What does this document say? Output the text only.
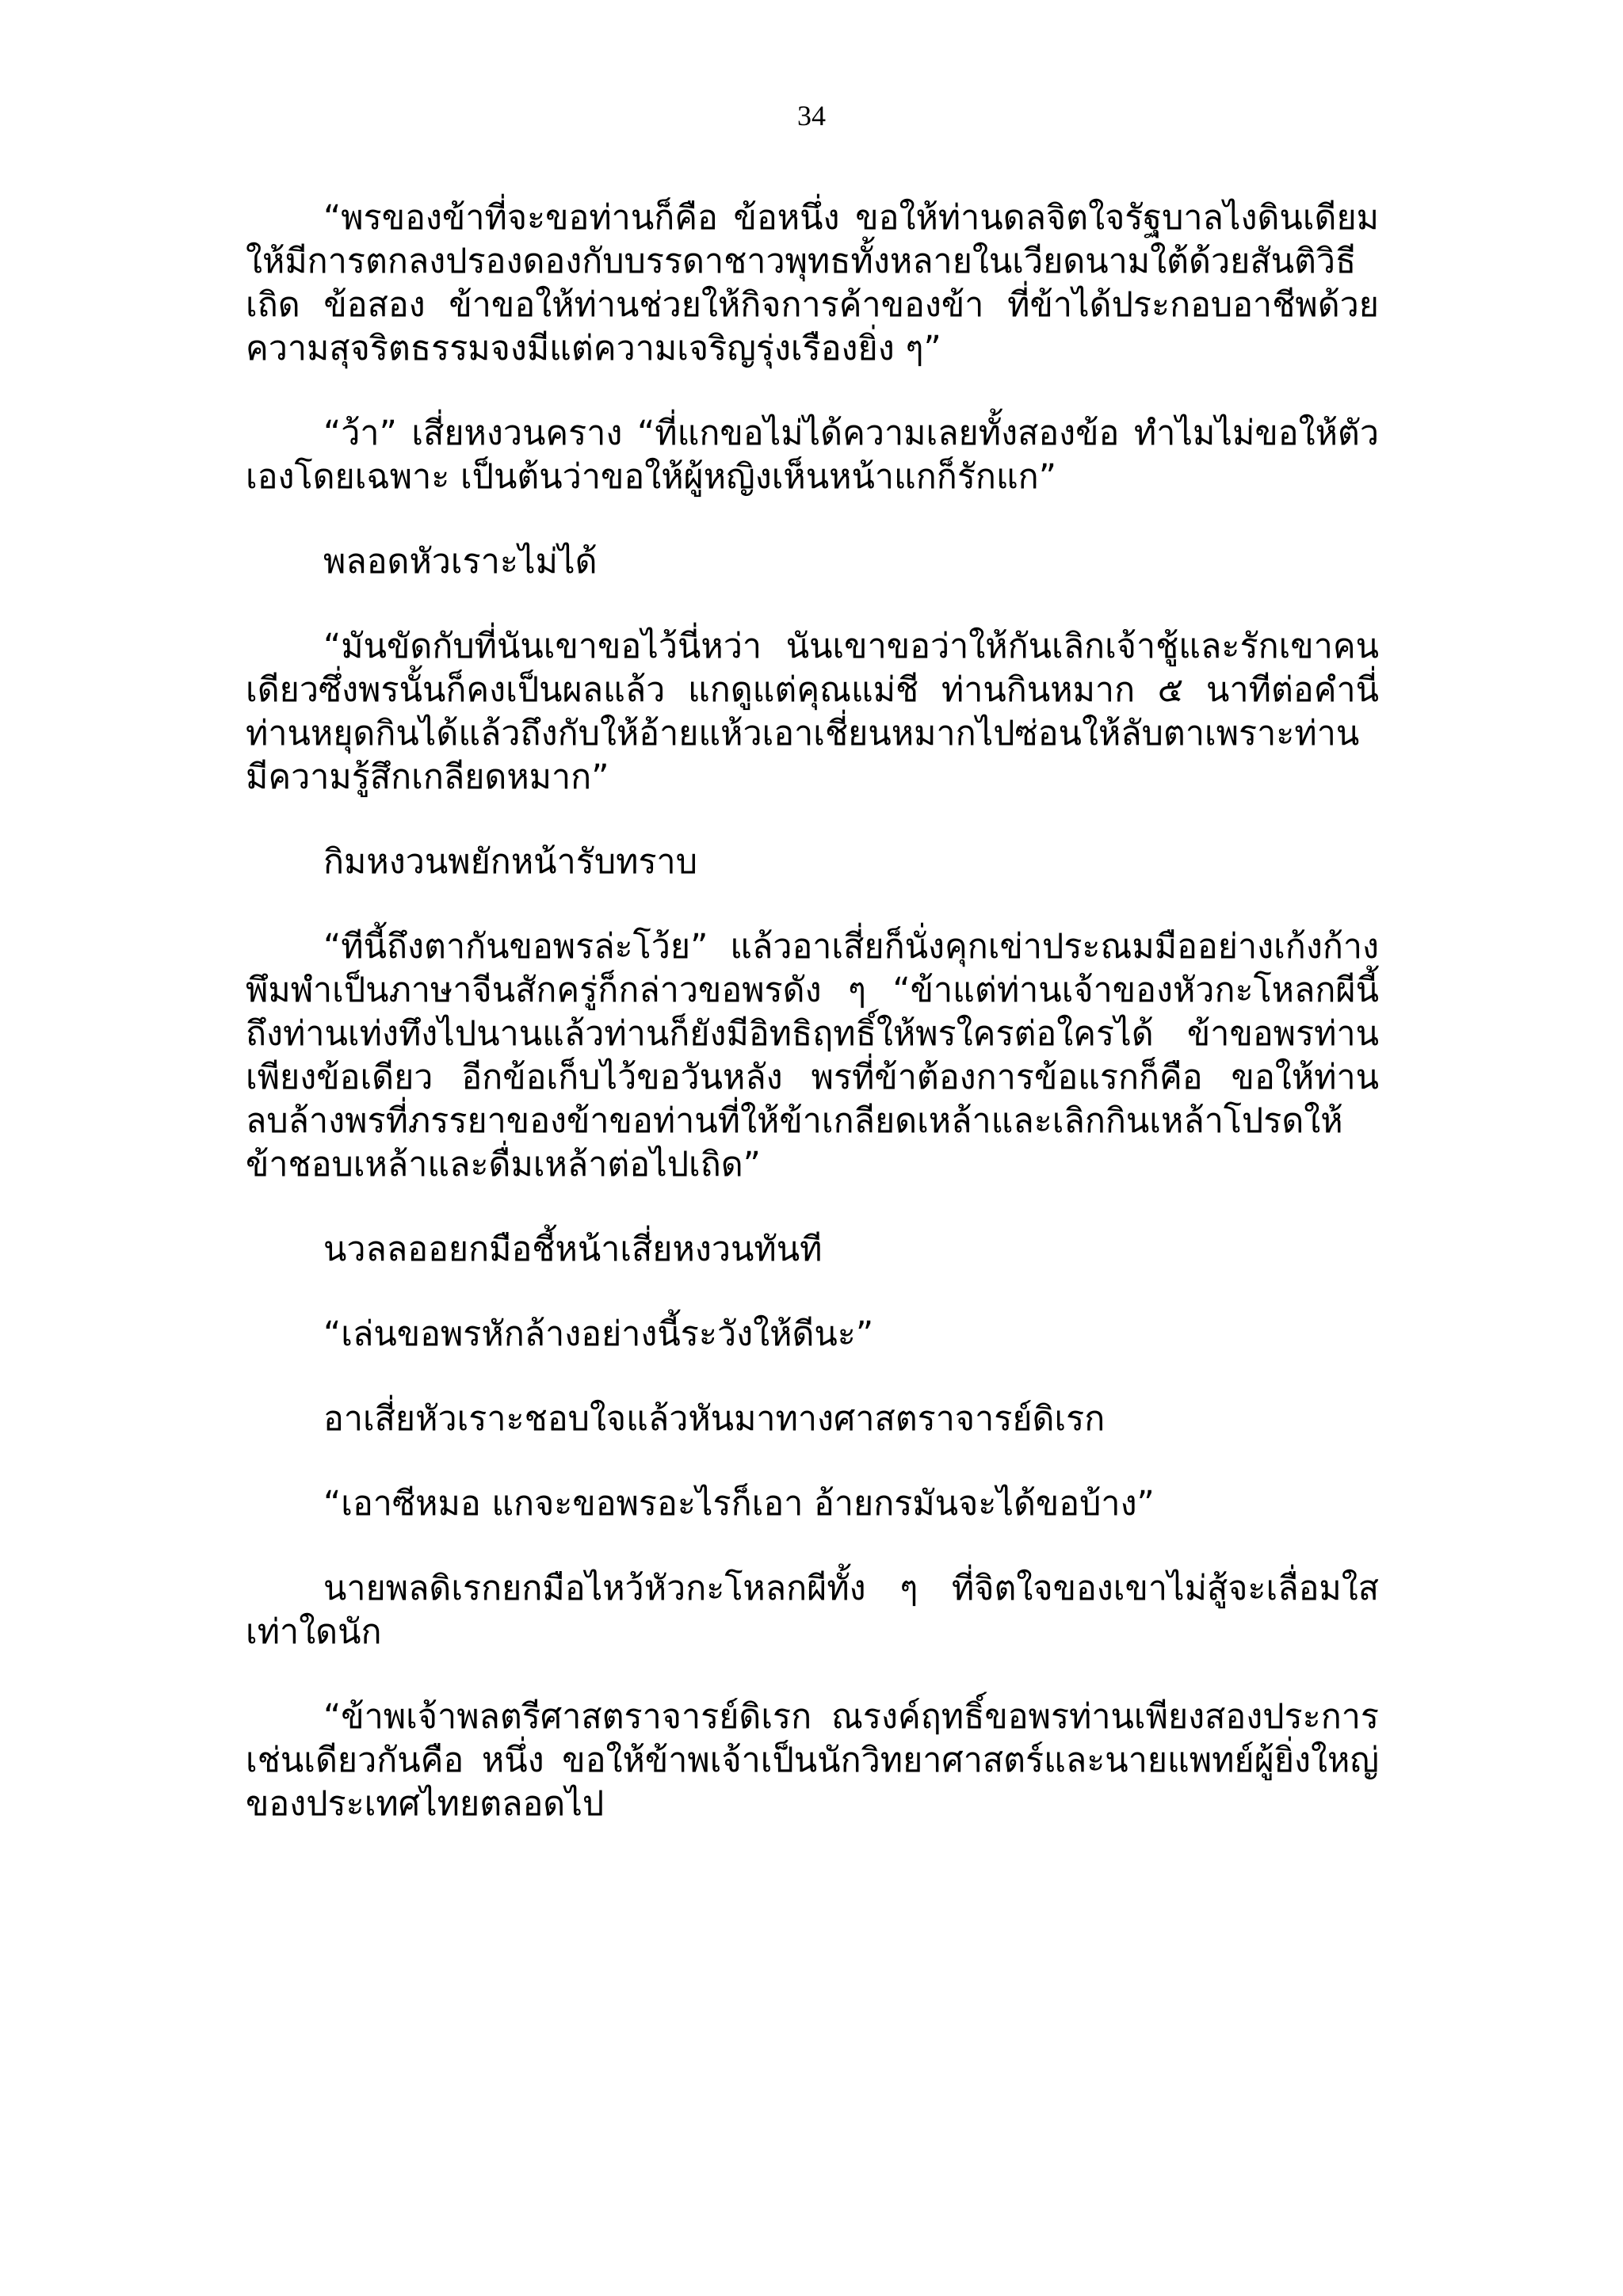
34

“พรของข้าที่จะขอท่านก็คือ ข้อหนึ่ง ขอให้ท่านดลจิตใจรัฐบาลไงดินเดียมให้มีการตกลงปรองดองกับบรรดาชาวพุทธทั้งหลายในเวียดนามใต้ด้วยสันติวิธีเถิด ข้อสอง ข้าขอให้ท่านช่วยให้กิจการค้าของข้า ที่ข้าได้ประกอบอาชีพด้วยความสุจริตธรรมจงมีแต่ความเจริญรุ่งเรืองยิ่ง ๆ”

“ว้า” เสี่ยหงวนคราง “ที่แกขอไม่ได้ความเลยทั้งสองข้อ ทำไมไม่ขอให้ตัวเองโดยเฉพาะ เป็นต้นว่าขอให้ผู้หญิงเห็นหน้าแกก็รักแก”

พลอดหัวเราะไม่ได้

“มันขัดกับที่นันเขาขอไว้นี่หว่า นันเขาขอว่าให้กันเลิกเจ้าชู้และรักเขาคนเดียวซึ่งพรนั้นก็คงเป็นผลแล้ว แกดูแต่คุณแม่ชี ท่านกินหมาก ๕ นาทีต่อคำนี่ท่านหยุดกินได้แล้วถึงกับให้อ้ายแห้วเอาเชี่ยนหมากไปซ่อนให้ลับตาเพราะท่านมีความรู้สึกเกลียดหมาก”

กิมหงวนพยักหน้ารับทราบ

“ทีนี้ถึงตากันขอพรล่ะโว้ย” แล้วอาเสี่ยก็นั่งคุกเข่าประณมมืออย่างเก้งก้างพึมพำเป็นภาษาจีนสักครู่ก็กล่าวขอพรดัง ๆ “ข้าแต่ท่านเจ้าของหัวกะโหลกผีนี้ ถึงท่านเท่งทึงไปนานแล้วท่านก็ยังมีอิทธิฤทธิ์ให้พรใครต่อใครได้ ข้าขอพรท่านเพียงข้อเดียว อีกข้อเก็บไว้ขอวันหลัง พรที่ข้าต้องการข้อแรกก็คือ ขอให้ท่านลบล้างพรที่ภรรยาของข้าขอท่านที่ให้ข้าเกลียดเหล้าและเลิกกินเหล้าโปรดให้ข้าชอบเหล้าและดื่มเหล้าต่อไปเถิด”

นวลลออยกมือชี้หน้าเสี่ยหงวนทันที

“เล่นขอพรหักล้างอย่างนี้ระวังให้ดีนะ”

อาเสี่ยหัวเราะชอบใจแล้วหันมาทางศาสตราจารย์ดิเรก

“เอาซีหมอ แกจะขอพรอะไรก็เอา อ้ายกรมันจะได้ขอบ้าง”

นายพลดิเรกยกมือไหว้หัวกะโหลกผีทั้ง ๆ ที่จิตใจของเขาไม่สู้จะเลื่อมใสเท่าใดนัก

“ข้าพเจ้าพลตรีศาสตราจารย์ดิเรก ณรงค์ฤทธิ์ขอพรท่านเพียงสองประการเช่นเดียวกันคือ หนึ่ง ขอให้ข้าพเจ้าเป็นนักวิทยาศาสตร์และนายแพทย์ผู้ยิ่งใหญ่ของประเทศไทยตลอดไป
